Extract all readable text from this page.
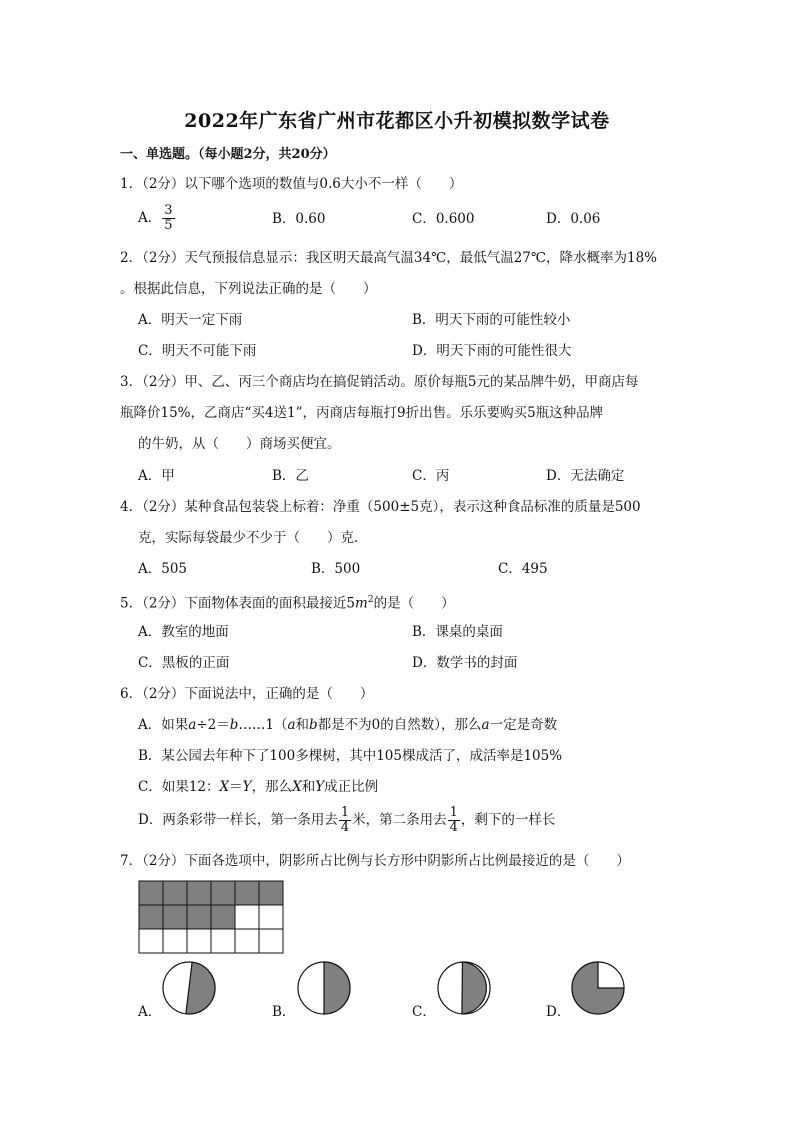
2022年广东省广州市花都区小升初模拟数学试卷
一、单选题。（每小题2分，共20分）
1．（2分）以下哪个选项的数值与0.6大小不一样（　　）
A． $\frac{3}{5}$	B．0.60	C．0.600	D．0.06
2．（2分）天气预报信息显示：我区明天最高气温34℃，最低气温27℃，降水概率为18%
。根据此信息，下列说法正确的是（　　）
A．明天一定下雨	B．明天下雨的可能性较小
C．明天不可能下雨	D．明天下雨的可能性很大
3．（2分）甲、乙、丙三个商店均在搞促销活动。原价每瓶5元的某品牌牛奶，甲商店每
瓶降价15%，乙商店“买4送1”，丙商店每瓶打9折出售。乐乐要购买5瓶这种品牌
的牛奶，从（　　）商场买便宜。
A．甲	B．乙	C．丙	D．无法确定
4．（2分）某种食品包装袋上标着：净重（500±5克），表示这种食品标准的质量是500
克，实际每袋最少不少于（　　）克．
A．505	B．500	C．495
5．（2分）下面物体表面的面积最接近$5m^2$的是（　　）
A．教室的地面	B．课桌的桌面
C．黑板的正面	D．数学书的封面
6．（2分）下面说法中，正确的是（　　）
A．如果a÷2＝b……1（a和b都是不为0的自然数），那么a一定是奇数
B．某公园去年种下了100多棵树，其中105棵成活了，成活率是105%
C．如果12：X＝Y，那么X和Y成正比例
D．两条彩带一样长，第一条用去 $\frac{1}{4}$ 米，第二条用去 $\frac{1}{4}$ ，剩下的一样长
7．（2分）下面各选项中，阴影所占比例与长方形中阴影所占比例最接近的是（　　）
A．	B．	C．	D．
